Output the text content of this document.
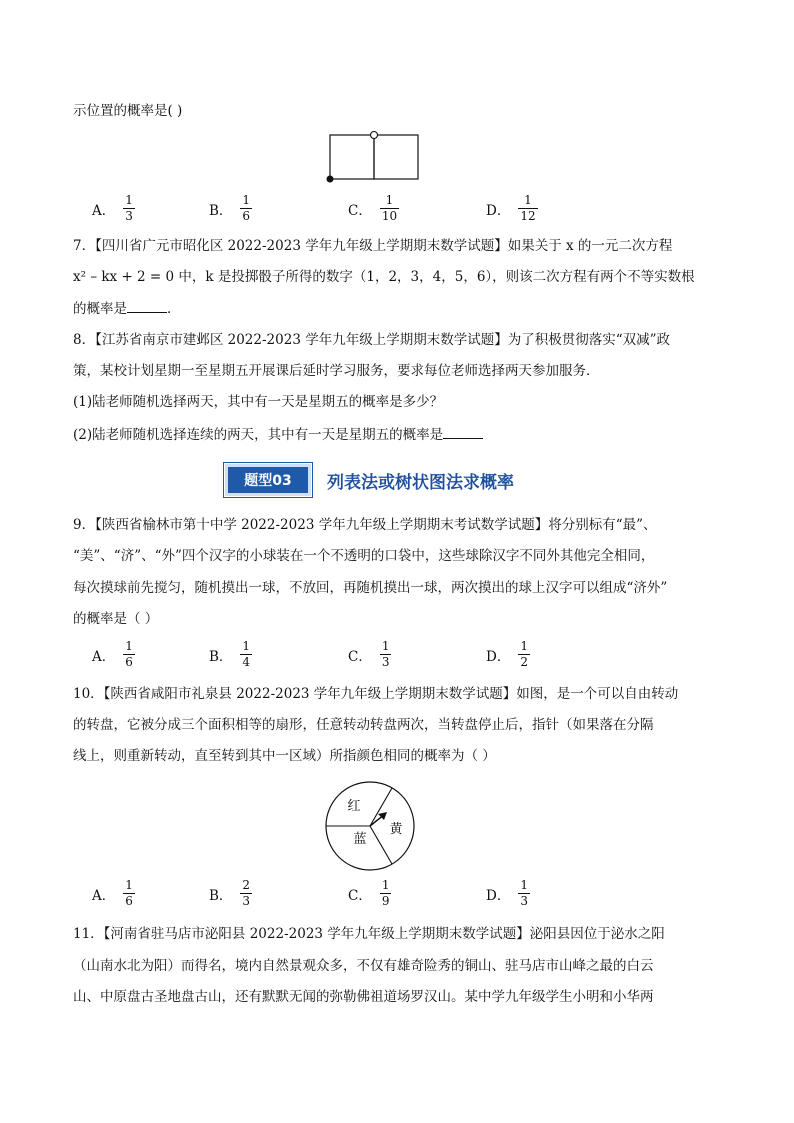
示位置的概率是( )
A． $\frac{1}{3}$	B． $\frac{1}{6}$	C． $\frac{1}{10}$	D． $\frac{1}{12}$
7．【四川省广元市昭化区 2022-2023 学年九年级上学期期末数学试题】如果关于 x 的一元二次方程
x² – kx + 2 = 0 中，k 是投掷骰子所得的数字（1，2，3，4，5，6），则该二次方程有两个不等实数根
的概率是	．
8．【江苏省南京市建邺区 2022-2023 学年九年级上学期期末数学试题】为了积极贯彻落实“双减”政
策，某校计划星期一至星期五开展课后延时学习服务，要求每位老师选择两天参加服务．
(1)陆老师随机选择两天，其中有一天是星期五的概率是多少？
(2)陆老师随机选择连续的两天，其中有一天是星期五的概率是
题型03	列表法或树状图法求概率
9．【陕西省榆林市第十中学 2022-2023 学年九年级上学期期末考试数学试题】将分别标有“最”、
“美”、“济”、“外”四个汉字的小球装在一个不透明的口袋中，这些球除汉字不同外其他完全相同，
每次摸球前先搅匀，随机摸出一球，不放回，再随机摸出一球，两次摸出的球上汉字可以组成“济外”
的概率是（ ）
A． $\frac{1}{6}$	B． $\frac{1}{4}$	C． $\frac{1}{3}$	D． $\frac{1}{2}$
10．【陕西省咸阳市礼泉县 2022-2023 学年九年级上学期期末数学试题】如图，是一个可以自由转动
的转盘，它被分成三个面积相等的扇形，任意转动转盘两次，当转盘停止后，指针（如果落在分隔
线上，则重新转动，直至转到其中一区域）所指颜色相同的概率为（ ）
红
黄
蓝
A． $\frac{1}{6}$	B． $\frac{2}{3}$	C． $\frac{1}{9}$	D． $\frac{1}{3}$
11．【河南省驻马店市泌阳县 2022-2023 学年九年级上学期期末数学试题】泌阳县因位于泌水之阳
（山南水北为阳）而得名，境内自然景观众多，不仅有雄奇险秀的铜山、驻马店市山峰之最的白云
山、中原盘古圣地盘古山，还有默默无闻的弥勒佛祖道场罗汉山。某中学九年级学生小明和小华两
